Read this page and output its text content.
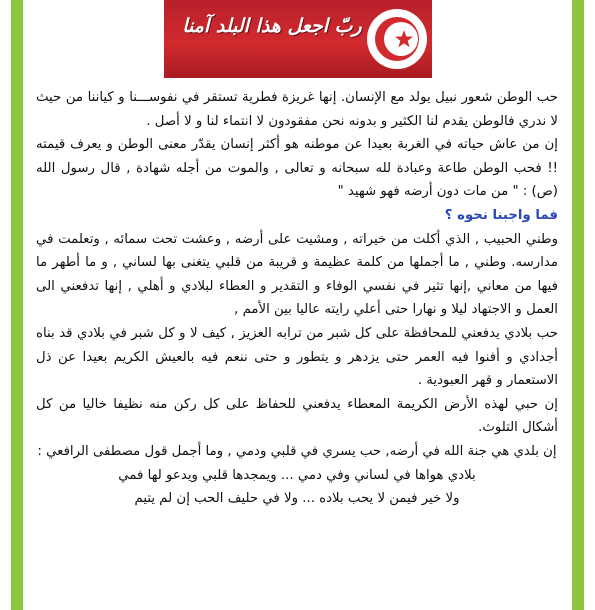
ربّ اجعل هذا البلد آمنا

حب الوطن شعور نبيل يولد مع الإنسان. إنها غريزة فطرية تستقر في نفوســـنا و كياننا من حيث لا ندري فالوطن يقدم لنا الكثير و بدونه نحن مفقودون لا انتماء لنا و لا أصل .

إن من عاش حياته في الغربة بعيدا عن موطنه هو أكثر إنسان يقدّر معنى الوطن و يعرف قيمته !! فحب الوطن طاعة وعبادة لله سبحانه و تعالى , والموت من أجله شهادة , قال رسول الله (ص) : " من مات دون أرضه فهو شهيد "

فما واجبنا نحوه ؟

وطني الحبيب , الذي أكلت من خيراته , ومشيت على أرضه , وعشت تحت سمائه , وتعلمت في مدارسه. وطني , ما أجملها من كلمة عظيمة و قريبة من قلبي يتغنى بها لساني , و ما أطهر ما فيها من معاني ,إنها تثير في نفسي الوفاء و التقدير و العطاء لبلادي و أهلي , إنها تدفعني الى العمل و الاجتهاد ليلا و نهارا حتى أعلي رايته عاليا بين الأمم ,

حب بلادي يدفعني للمحافظة على كل شبر من ترابه العزيز , كيف لا و كل شبر في بلادي قد بناه أجدادي و أفنوا فيه العمر حتى يزدهر و يتطور و حتى ننعم فيه بالعيش الكريم بعيدا عن ذل الاستعمار و قهر العبودية .

إن حبي لهذه الأرض الكريمة المعطاء يدفعني للحفاظ على كل ركن منه نظيفا خاليا من كل أشكال التلوث.

إن بلدي هي جنة الله في أرضه, حب يسري في قلبي ودمي , وما أجمل قول مصطفى الرافعي :

بلادي هواها في لساني وفي دمي ... ويمجدها قلبي ويدعو لها فمي

ولا خير فيمن لا يحب بلاده ... ولا في حليف الحب إن لم يتيم
